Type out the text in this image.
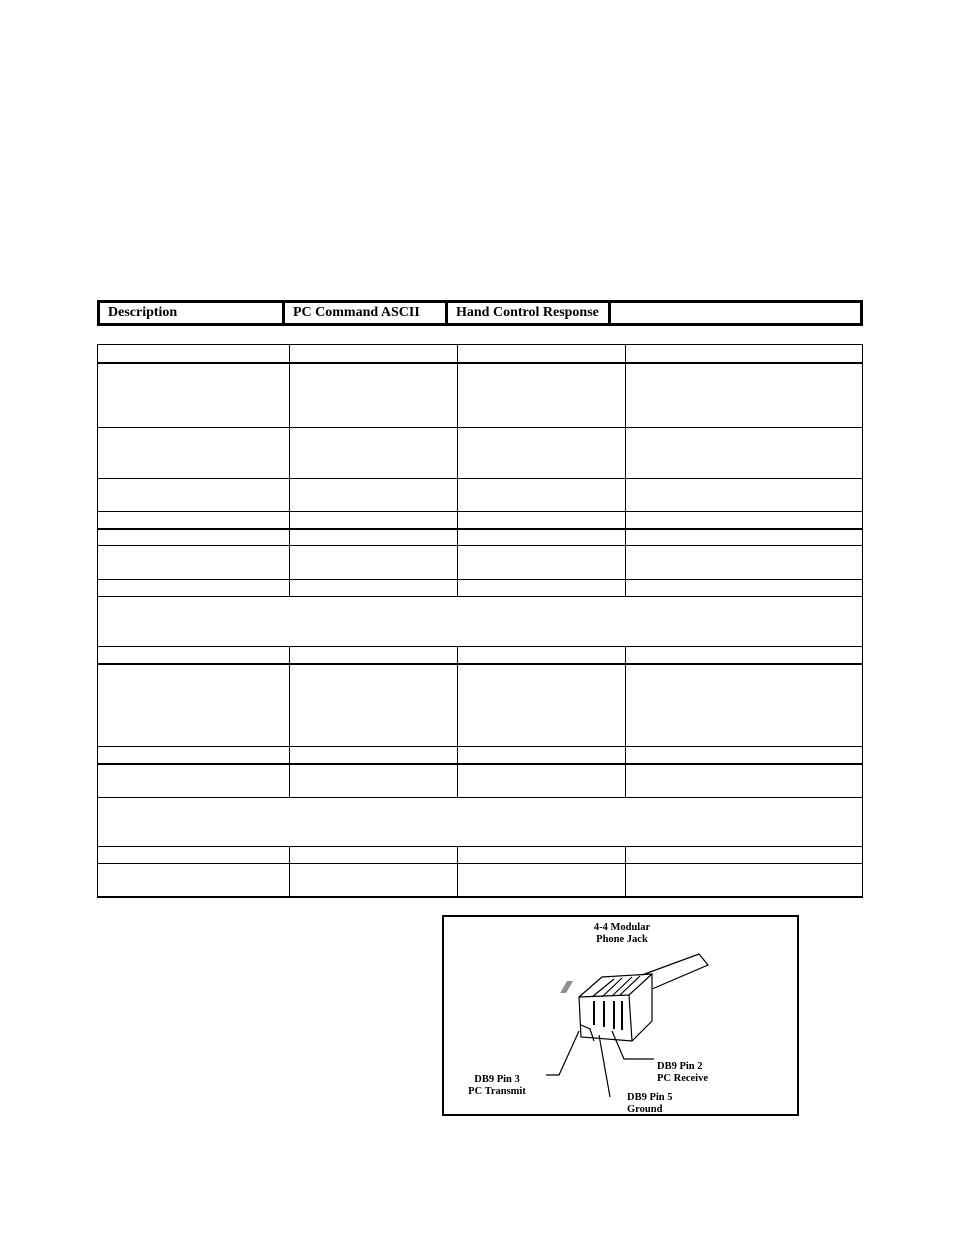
Description	PC Command ASCII	Hand Control Response
4-4 Modular
Phone Jack
DB9 Pin 2
PC Receive
DB9 Pin 3
PC Transmit
DB9 Pin 5
Ground
